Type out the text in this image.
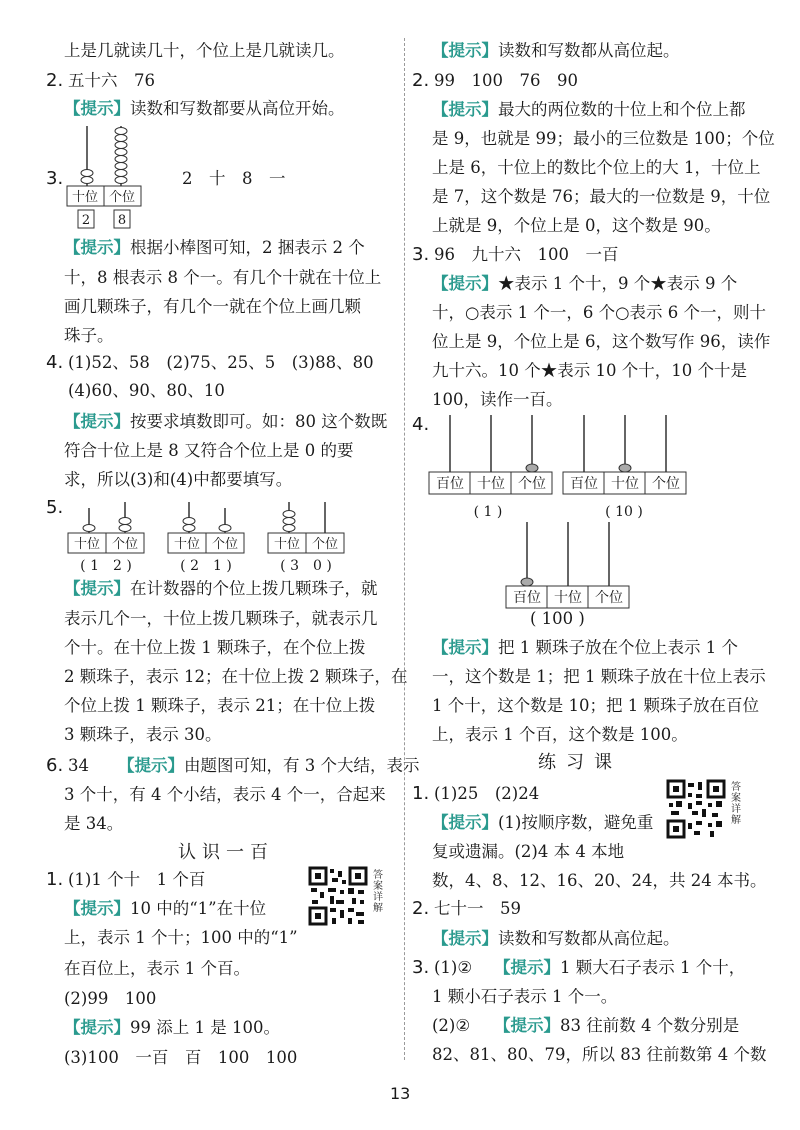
上是几就读几十，个位上是几就读几。
2. 五十六　76
【提示】读数和写数都要从高位开始。
3.
十位 个位
2 8
2　十　8　一
【提示】根据小棒图可知，2 捆表示 2 个
十，8 根表示 8 个一。有几个十就在十位上
画几颗珠子，有几个一就在个位上画几颗
珠子。
4. (1)52、58　(2)75、25、5　(3)88、80
(4)60、90、80、10
【提示】按要求填数即可。如：80 这个数既
符合十位上是 8 又符合个位上是 0 的要
求，所以(3)和(4)中都要填写。
5.
十位 个位
( 1　2 )
十位 个位
( 2　1 )
十位 个位
( 3　0 )
【提示】在计数器的个位上拨几颗珠子，就
表示几个一，十位上拨几颗珠子，就表示几
个十。在十位上拨 1 颗珠子，在个位上拨
2 颗珠子，表示 12；在十位上拨 2 颗珠子，在
个位上拨 1 颗珠子，表示 21；在十位上拨
3 颗珠子，表示 30。
6. 34 【提示】由题图可知，有 3 个大结，表示
3 个十，有 4 个小结，表示 4 个一，合起来
是 34。
认识一百
答
案
详
解
1. (1)1 个十　1 个百
【提示】10 中的“1”在十位
上，表示 1 个十；100 中的“1”
在百位上，表示 1 个百。
(2)99　100
【提示】99 添上 1 是 100。
(3)100　一百　百　100　100
【提示】读数和写数都从高位起。
2. 99　100　76　90
【提示】最大的两位数的十位上和个位上都
是 9，也就是 99；最小的三位数是 100；个位
上是 6，十位上的数比个位上的大 1，十位上
是 7，这个数是 76；最大的一位数是 9，十位
上就是 9，个位上是 0，这个数是 90。
3. 96　九十六　100　一百
【提示】★表示 1 个十，9 个★表示 9 个
十，○表示 1 个一，6 个○表示 6 个一，则十
位上是 9，个位上是 6，这个数写作 96，读作
九十六。10 个★表示 10 个十，10 个十是
100，读作一百。
4.
百位 十位 个位
( 1 )
百位 十位 个位
( 10 )
百位 十位 个位
( 100 )
【提示】把 1 颗珠子放在个位上表示 1 个
一，这个数是 1；把 1 颗珠子放在十位上表示
1 个十，这个数是 10；把 1 颗珠子放在百位
上，表示 1 个百，这个数是 100。
练习课
答
案
详
解
1. (1)25　(2)24
【提示】(1)按顺序数，避免重
复或遗漏。(2)4 本 4 本地
数，4、8、12、16、20、24，共 24 本书。
2. 七十一　59
【提示】读数和写数都从高位起。
3. (1)② 【提示】1 颗大石子表示 1 个十，
1 颗小石子表示 1 个一。
(2)② 【提示】83 往前数 4 个数分别是
82、81、80、79，所以 83 往前数第 4 个数
13
